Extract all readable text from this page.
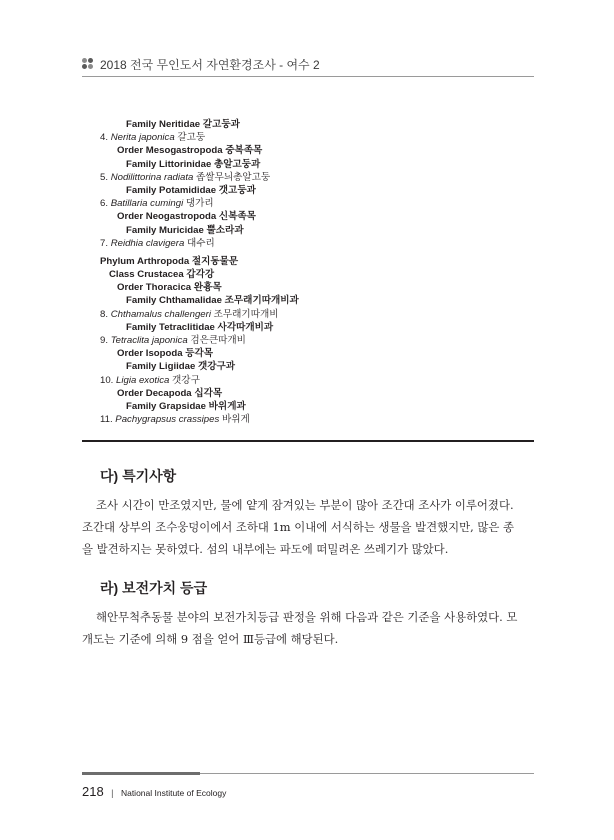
2018 전국 무인도서 자연환경조사 - 여수 2
Family Neritidae 갈고둥과
4. Nerita japonica 갈고둥
Order Mesogastropoda 중복족목
Family Littorinidae 총알고둥과
5. Nodilittorina radiata 좁쌀무늬총알고둥
Family Potamididae 갯고둥과
6. Batillaria cumingi 댕가리
Order Neogastropoda 신복족목
Family Muricidae 뿔소라과
7. Reidhia clavigera 대수리
Phylum Arthropoda 절지동물문
Class Crustacea 갑각강
Order Thoracica 완흉목
Family Chthamalidae 조무래기따개비과
8. Chthamalus challengeri 조무래기따개비
Family Tetraclitidae 사각따개비과
9. Tetraclita japonica 검은큰따개비
Order Isopoda 등각목
Family Ligiidae 갯강구과
10. Ligia exotica 갯강구
Order Decapoda 십각목
Family Grapsidae 바위게과
11. Pachygrapsus crassipes 바위게
다) 특기사항
조사 시간이 만조였지만, 물에 얕게 잠겨있는 부분이 많아 조간대 조사가 이루어졌다.
조간대 상부의 조수웅덩이에서 조하대 1m 이내에 서식하는 생물을 발견했지만, 많은 종
을 발견하지는 못하였다. 섬의 내부에는 파도에 떠밀려온 쓰레기가 많았다.
라) 보전가치 등급
해안무척추동물 분야의 보전가치등급 판정을 위해 다음과 같은 기준을 사용하였다. 모
개도는 기준에 의해 9 점을 얻어 Ⅲ등급에 해당된다.
218 | National Institute of Ecology
